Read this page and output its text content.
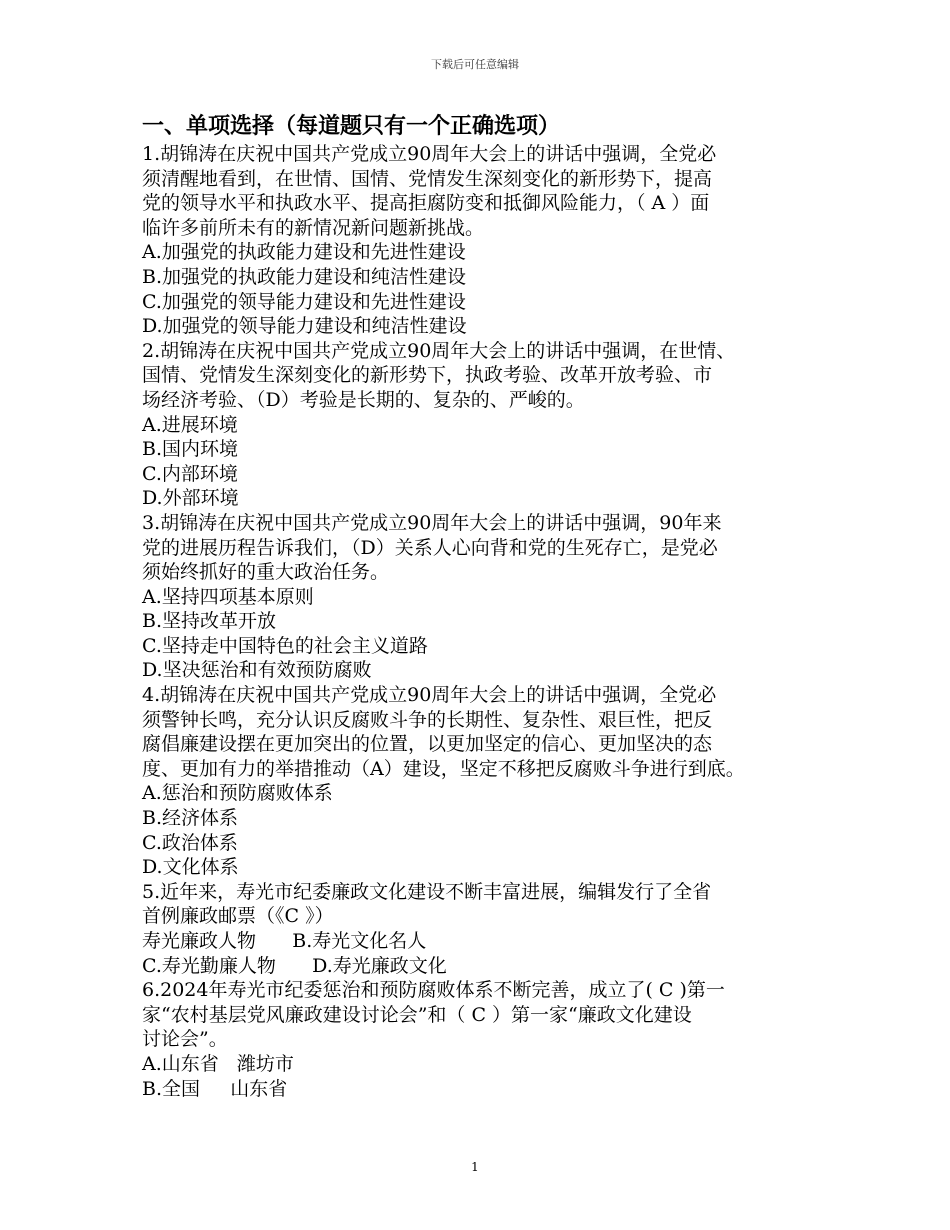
下载后可任意编辑
一、单项选择（每道题只有一个正确选项）

1.胡锦涛在庆祝中国共产党成立90周年大会上的讲话中强调，全党必

须清醒地看到，在世情、国情、党情发生深刻变化的新形势下，提高

党的领导水平和执政水平、提高拒腐防变和抵御风险能力，（ A ）面

临许多前所未有的新情况新问题新挑战。

A.加强党的执政能力建设和先进性建设

B.加强党的执政能力建设和纯洁性建设

C.加强党的领导能力建设和先进性建设

D.加强党的领导能力建设和纯洁性建设

2.胡锦涛在庆祝中国共产党成立90周年大会上的讲话中强调，在世情、

国情、党情发生深刻变化的新形势下，执政考验、改革开放考验、市

场经济考验、（D）考验是长期的、复杂的、严峻的。

A.进展环境

B.国内环境

C.内部环境

D.外部环境

3.胡锦涛在庆祝中国共产党成立90周年大会上的讲话中强调，90年来

党的进展历程告诉我们，（D）关系人心向背和党的生死存亡，是党必

须始终抓好的重大政治任务。

A.坚持四项基本原则

B.坚持改革开放

C.坚持走中国特色的社会主义道路

D.坚决惩治和有效预防腐败

4.胡锦涛在庆祝中国共产党成立90周年大会上的讲话中强调，全党必

须警钟长鸣，充分认识反腐败斗争的长期性、复杂性、艰巨性，把反

腐倡廉建设摆在更加突出的位置，以更加坚定的信心、更加坚决的态

度、更加有力的举措推动（A）建设，坚定不移把反腐败斗争进行到底。

A.惩治和预防腐败体系

B.经济体系

C.政治体系

D.文化体系

5.近年来，寿光市纪委廉政文化建设不断丰富进展，编辑发行了全省

首例廉政邮票（《C 》）

寿光廉政人物      B.寿光文化名人

C.寿光勤廉人物      D.寿光廉政文化

6.2024年寿光市纪委惩治和预防腐败体系不断完善，成立了( C )第一

家“农村基层党风廉政建设讨论会”和（ C ）第一家“廉政文化建设

讨论会”。

A.山东省   潍坊市

B.全国     山东省

1
